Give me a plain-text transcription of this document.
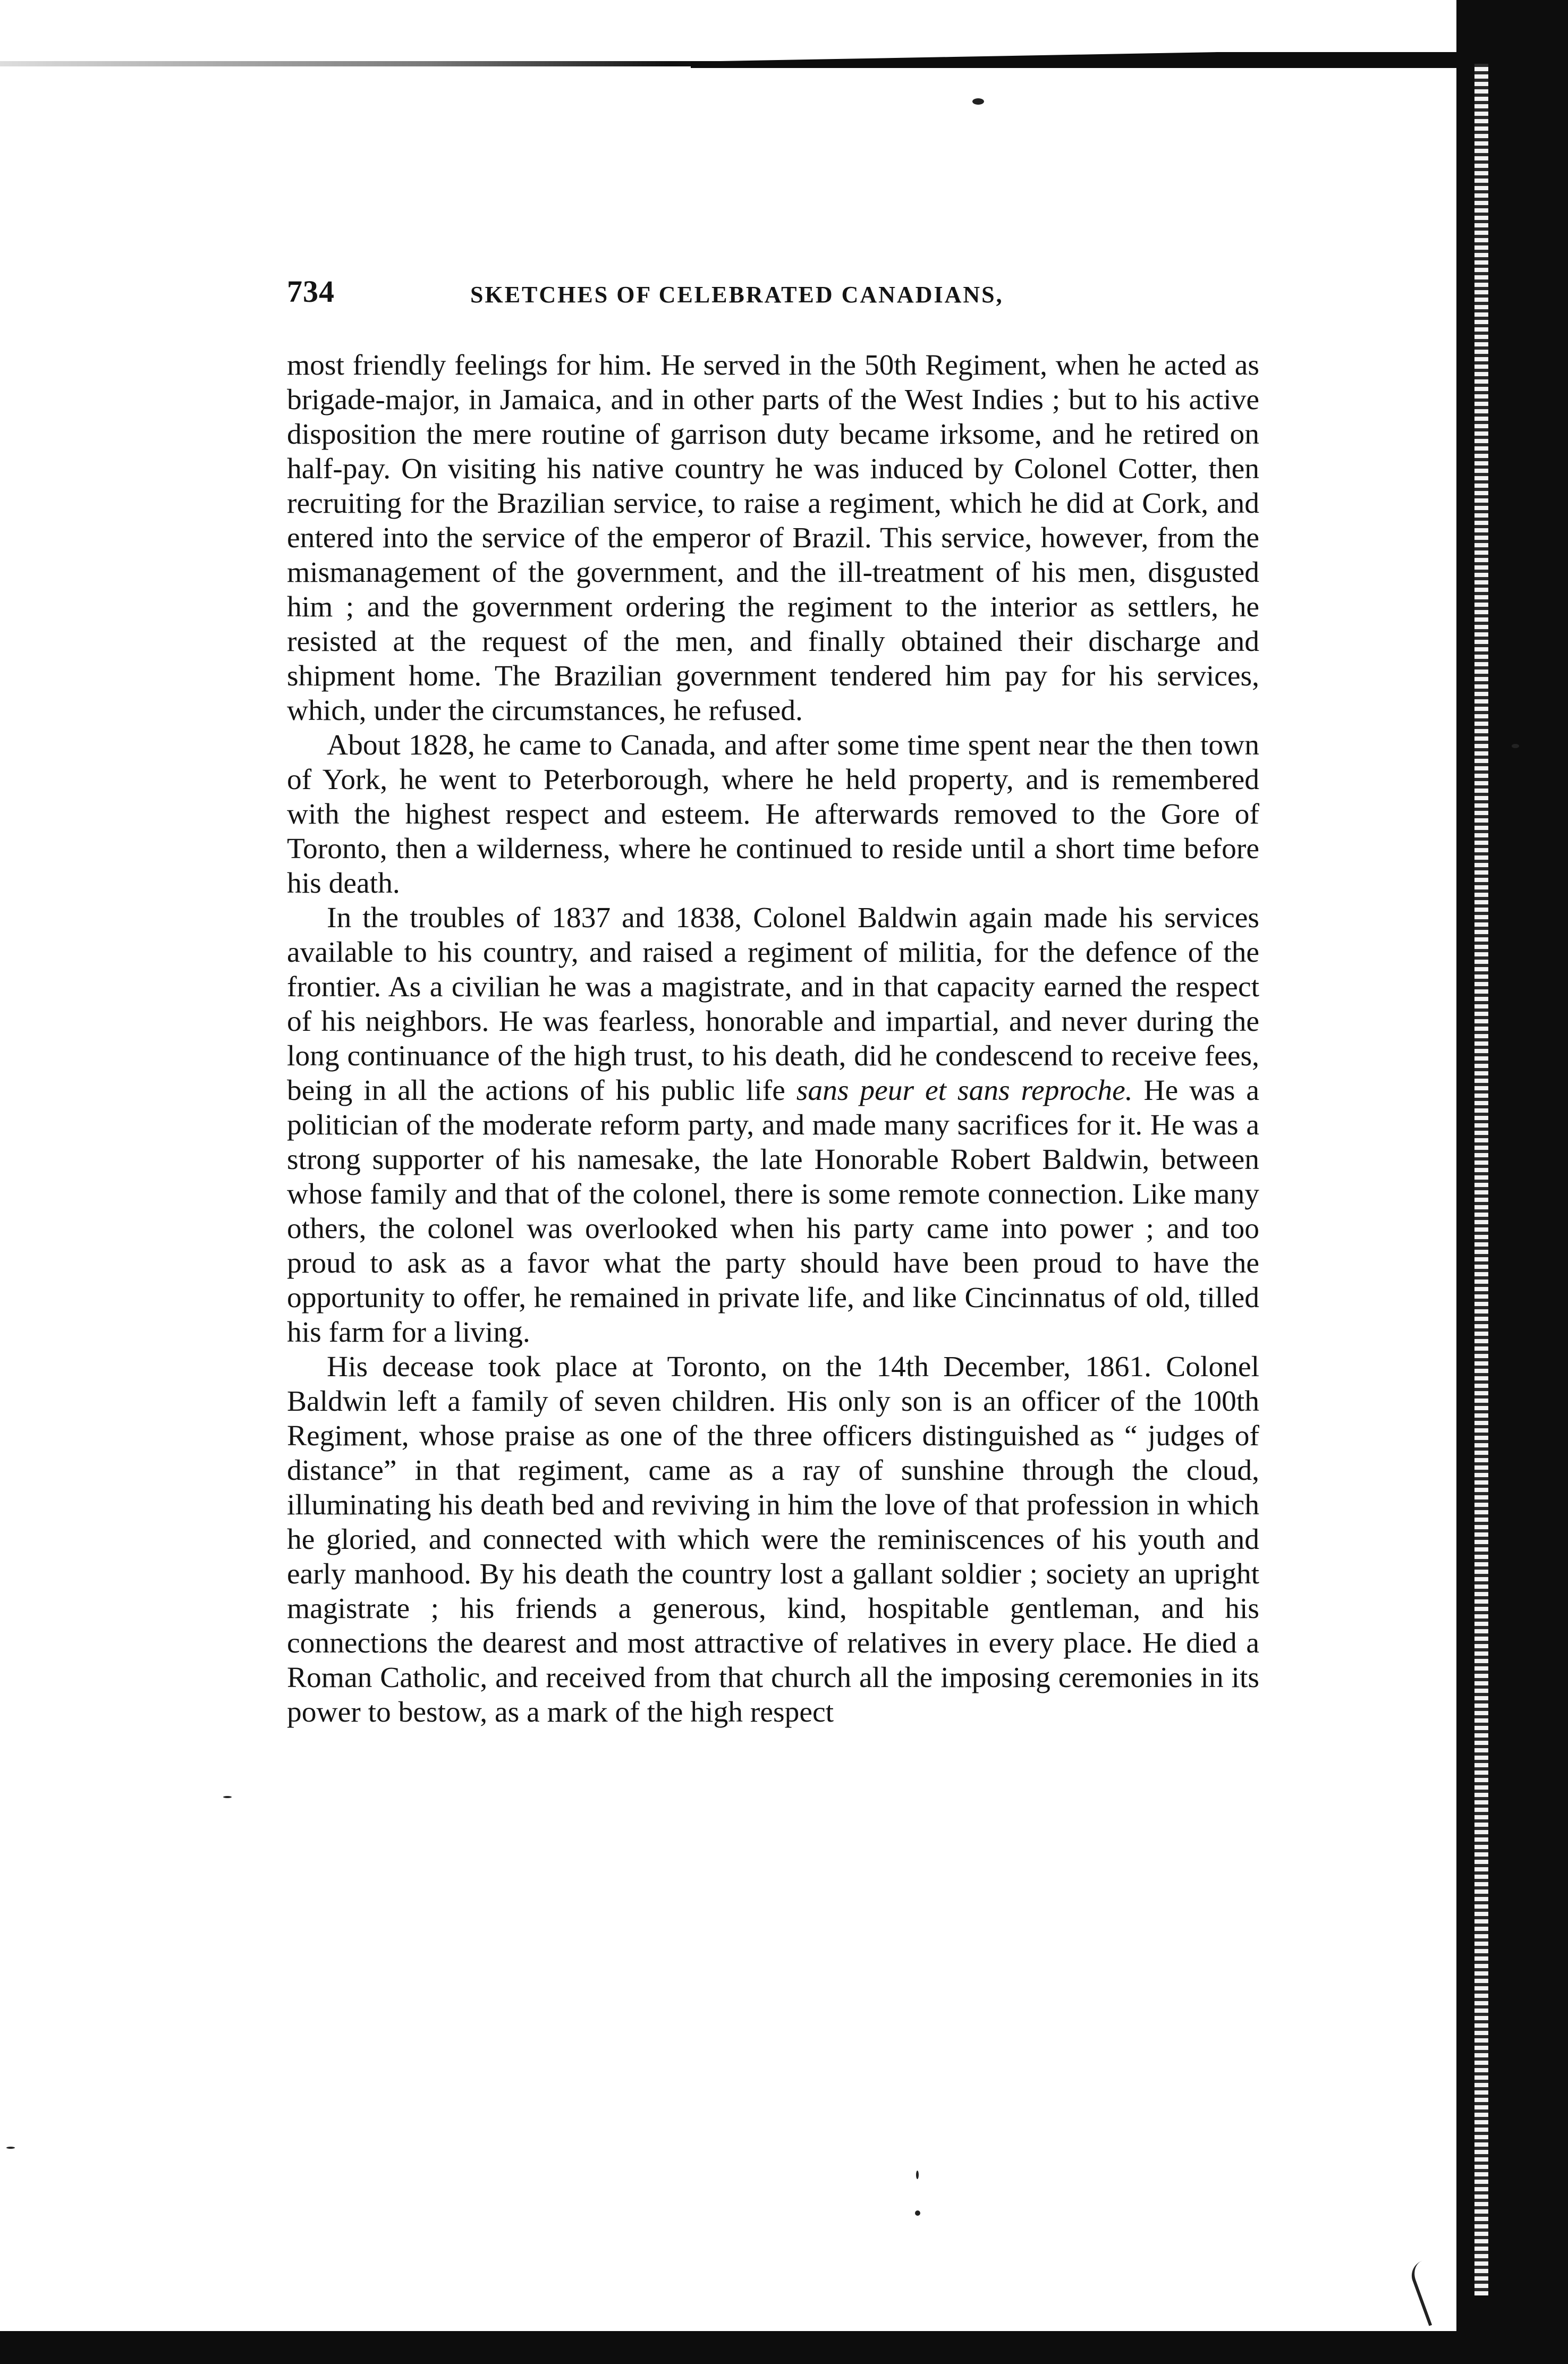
734	SKETCHES OF CELEBRATED CANADIANS,

most friendly feelings for him. He served in the 50th Regiment, when he acted as brigade-major, in Jamaica, and in other parts of the West Indies ; but to his active disposition the mere routine of garrison duty became irksome, and he retired on half-pay. On visiting his native country he was induced by Colonel Cotter, then recruiting for the Brazilian service, to raise a regiment, which he did at Cork, and entered into the service of the emperor of Brazil. This service, however, from the mismanagement of the government, and the ill-treatment of his men, disgusted him ; and the government ordering the regiment to the interior as settlers, he resisted at the request of the men, and finally obtained their discharge and shipment home. The Brazilian government tendered him pay for his services, which, under the circumstances, he refused.

About 1828, he came to Canada, and after some time spent near the then town of York, he went to Peterborough, where he held property, and is remembered with the highest respect and esteem. He afterwards removed to the Gore of Toronto, then a wilderness, where he continued to reside until a short time before his death.

In the troubles of 1837 and 1838, Colonel Baldwin again made his services available to his country, and raised a regiment of militia, for the defence of the frontier. As a civilian he was a magistrate, and in that capacity earned the respect of his neighbors. He was fearless, honorable and impartial, and never during the long continuance of the high trust, to his death, did he condescend to receive fees, being in all the actions of his public life sans peur et sans reproche. He was a politician of the moderate reform party, and made many sacrifices for it. He was a strong supporter of his namesake, the late Honorable Robert Baldwin, between whose family and that of the colonel, there is some remote connection. Like many others, the colonel was overlooked when his party came into power ; and too proud to ask as a favor what the party should have been proud to have the opportunity to offer, he remained in private life, and like Cincinnatus of old, tilled his farm for a living.

His decease took place at Toronto, on the 14th December, 1861. Colonel Baldwin left a family of seven children. His only son is an officer of the 100th Regiment, whose praise as one of the three officers distinguished as “ judges of distance” in that regiment, came as a ray of sunshine through the cloud, illuminating his death bed and reviving in him the love of that profession in which he gloried, and connected with which were the reminiscences of his youth and early manhood. By his death the country lost a gallant soldier ; society an upright magistrate ; his friends a generous, kind, hospitable gentleman, and his connections the dearest and most attractive of relatives in every place. He died a Roman Catholic, and received from that church all the imposing ceremonies in its power to bestow, as a mark of the high respect
